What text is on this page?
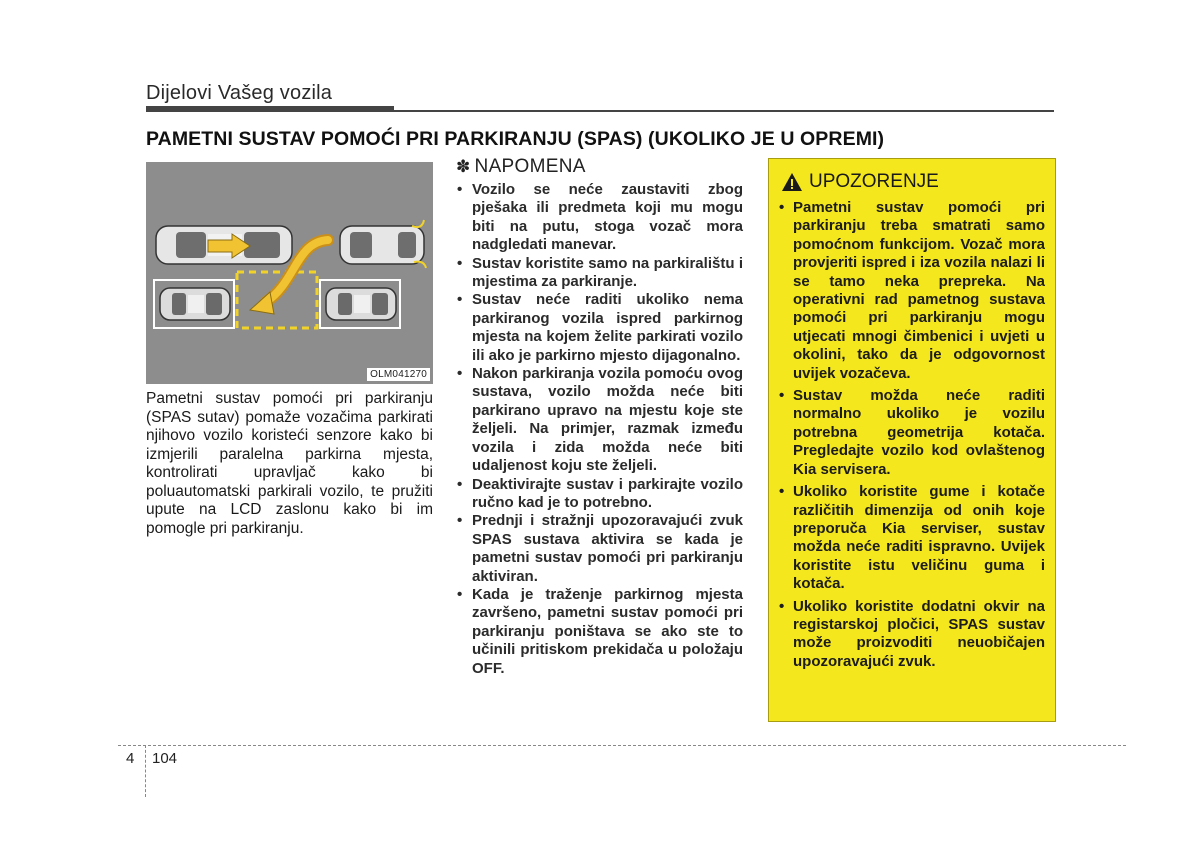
Dijelovi Vašeg vozila
PAMETNI SUSTAV POMOĆI PRI PARKIRANJU (SPAS) (UKOLIKO JE U OPREMI)
OLM041270
Pametni sustav pomoći pri parkiranju (SPAS sutav) pomaže vozačima parkirati njihovo vozilo koristeći senzore kako bi izmjerili paralelna parkirna mjesta, kontrolirati upravljač kako bi poluautomatski parkirali vozilo, te pružiti upute na LCD zaslonu kako bi im pomogle pri parkiranju.
✽ NAPOMENA
• Vozilo se neće zaustaviti zbog pješaka ili predmeta koji mu mogu biti na putu, stoga vozač mora nadgledati manevar.
• Sustav koristite samo na parkiralištu i mjestima za parkiranje.
• Sustav neće raditi ukoliko nema parkiranog vozila ispred parkirnog mjesta na kojem želite parkirati vozilo ili ako je parkirno mjesto dijagonalno.
• Nakon parkiranja vozila pomoću ovog sustava, vozilo možda neće biti parkirano upravo na mjestu koje ste željeli. Na primjer, razmak između vozila i zida možda neće biti udaljenost koju ste željeli.
• Deaktivirajte sustav i parkirajte vozilo ručno kad je to potrebno.
• Prednji i stražnji upozoravajući zvuk SPAS sustava aktivira se kada je pametni sustav pomoći pri parkiranju aktiviran.
• Kada je traženje parkirnog mjesta završeno, pametni sustav pomoći pri parkiranju poništava se ako ste to učinili pritiskom prekidača u položaju OFF.
UPOZORENJE
• Pametni sustav pomoći pri parkiranju treba smatrati samo pomoćnom funkcijom. Vozač mora provjeriti ispred i iza vozila nalazi li se tamo neka prepreka. Na operativni rad pametnog sustava pomoći pri parkiranju mogu utjecati mnogi čimbenici i uvjeti u okolini, tako da je odgovornost uvijek vozačeva.
• Sustav možda neće raditi normalno ukoliko je vozilu potrebna geometrija kotača. Pregledajte vozilo kod ovlaštenog Kia servisera.
• Ukoliko koristite gume i kotače različitih dimenzija od onih koje preporuča Kia serviser, sustav možda neće raditi ispravno. Uvijek koristite istu veličinu guma i kotača.
• Ukoliko koristite dodatni okvir na registarskoj pločici, SPAS sustav može proizvoditi neuobičajen upozoravajući zvuk.
4 104
